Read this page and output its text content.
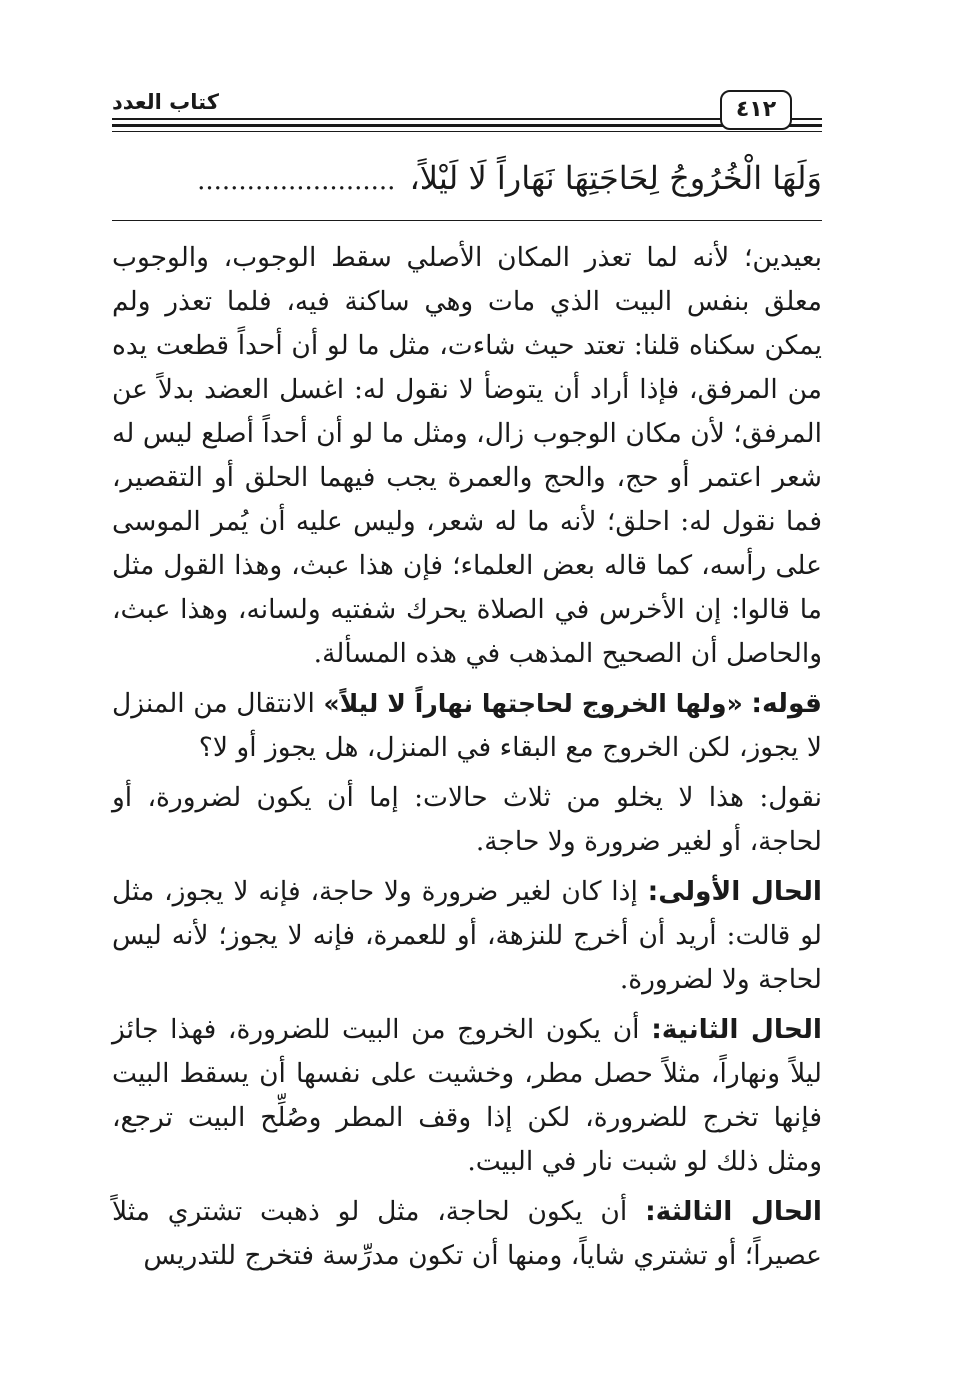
كتاب العدد	٤١٢
وَلَهَا الْخُرُوجُ لِحَاجَتِهَا نَهَاراً لَا لَيْلاً،........................

بعيدين؛ لأنه لما تعذر المكان الأصلي سقط الوجوب، والوجوب معلق بنفس البيت الذي مات وهي ساكنة فيه، فلما تعذر ولم يمكن سكناه قلنا: تعتد حيث شاءت، مثل ما لو أن أحداً قطعت يده من المرفق، فإذا أراد أن يتوضأ لا نقول له: اغسل العضد بدلاً عن المرفق؛ لأن مكان الوجوب زال، ومثل ما لو أن أحداً أصلع ليس له شعر اعتمر أو حج، والحج والعمرة يجب فيهما الحلق أو التقصير، فما نقول له: احلق؛ لأنه ما له شعر، وليس عليه أن يُمر الموسى على رأسه، كما قاله بعض العلماء؛ فإن هذا عبث، وهذا القول مثل ما قالوا: إن الأخرس في الصلاة يحرك شفتيه ولسانه، وهذا عبث، والحاصل أن الصحيح المذهب في هذه المسألة.

قوله: «ولها الخروج لحاجتها نهاراً لا ليلاً» الانتقال من المنزل لا يجوز، لكن الخروج مع البقاء في المنزل، هل يجوز أو لا؟

نقول: هذا لا يخلو من ثلاث حالات: إما أن يكون لضرورة، أو لحاجة، أو لغير ضرورة ولا حاجة.

الحال الأولى: إذا كان لغير ضرورة ولا حاجة، فإنه لا يجوز، مثل لو قالت: أريد أن أخرج للنزهة، أو للعمرة، فإنه لا يجوز؛ لأنه ليس لحاجة ولا لضرورة.

الحال الثانية: أن يكون الخروج من البيت للضرورة، فهذا جائز ليلاً ونهاراً، مثلاً حصل مطر، وخشيت على نفسها أن يسقط البيت فإنها تخرج للضرورة، لكن إذا وقف المطر وصُلِّح البيت ترجع، ومثل ذلك لو شبت نار في البيت.

الحال الثالثة: أن يكون لحاجة، مثل لو ذهبت تشتري مثلاً عصيراً؛ أو تشتري شاياً، ومنها أن تكون مدرِّسة فتخرج للتدريس
